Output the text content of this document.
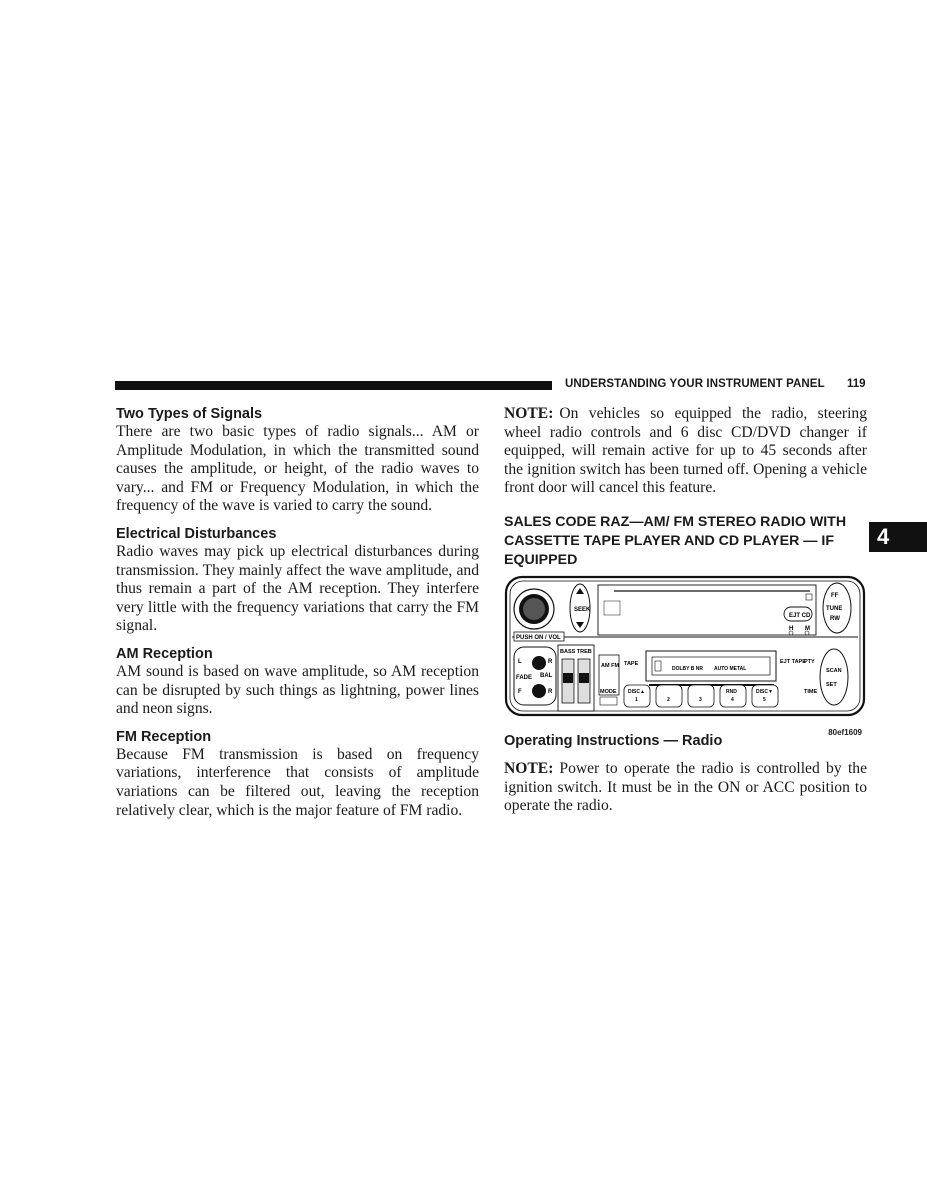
UNDERSTANDING YOUR INSTRUMENT PANEL 119
4
Two Types of Signals

There are two basic types of radio signals... AM or Amplitude Modulation, in which the transmitted sound causes the amplitude, or height, of the radio waves to vary... and FM or Frequency Modulation, in which the frequency of the wave is varied to carry the sound.

Electrical Disturbances

Radio waves may pick up electrical disturbances during transmission. They mainly affect the wave amplitude, and thus remain a part of the AM reception. They interfere very little with the frequency variations that carry the FM signal.

AM Reception

AM sound is based on wave amplitude, so AM reception can be disrupted by such things as lightning, power lines and neon signs.

FM Reception

Because FM transmission is based on frequency variations, interference that consists of amplitude variations can be filtered out, leaving the reception relatively clear, which is the major feature of FM radio.

NOTE: On vehicles so equipped the radio, steering wheel radio controls and 6 disc CD/DVD changer if equipped, will remain active for up to 45 seconds after the ignition switch has been turned off. Opening a vehicle front door will cancel this feature.

SALES CODE RAZ—AM/ FM STEREO RADIO WITH CASSETTE TAPE PLAYER AND CD PLAYER — IF EQUIPPED
PUSH ON / VOL
SEEK
EJT CD
H M
FF
TUNE
RW
L	R
BAL
FADE
F	R
BASS TREB
AM FM TAPE
MODE
DOLBY B NR AUTO METAL
EJT TAPE
PTY
SCAN
SET
TIME
DISC▲
1	2	3
RND
4
DISC▼
5
80ef1609
Operating Instructions — Radio

NOTE: Power to operate the radio is controlled by the ignition switch. It must be in the ON or ACC position to operate the radio.
